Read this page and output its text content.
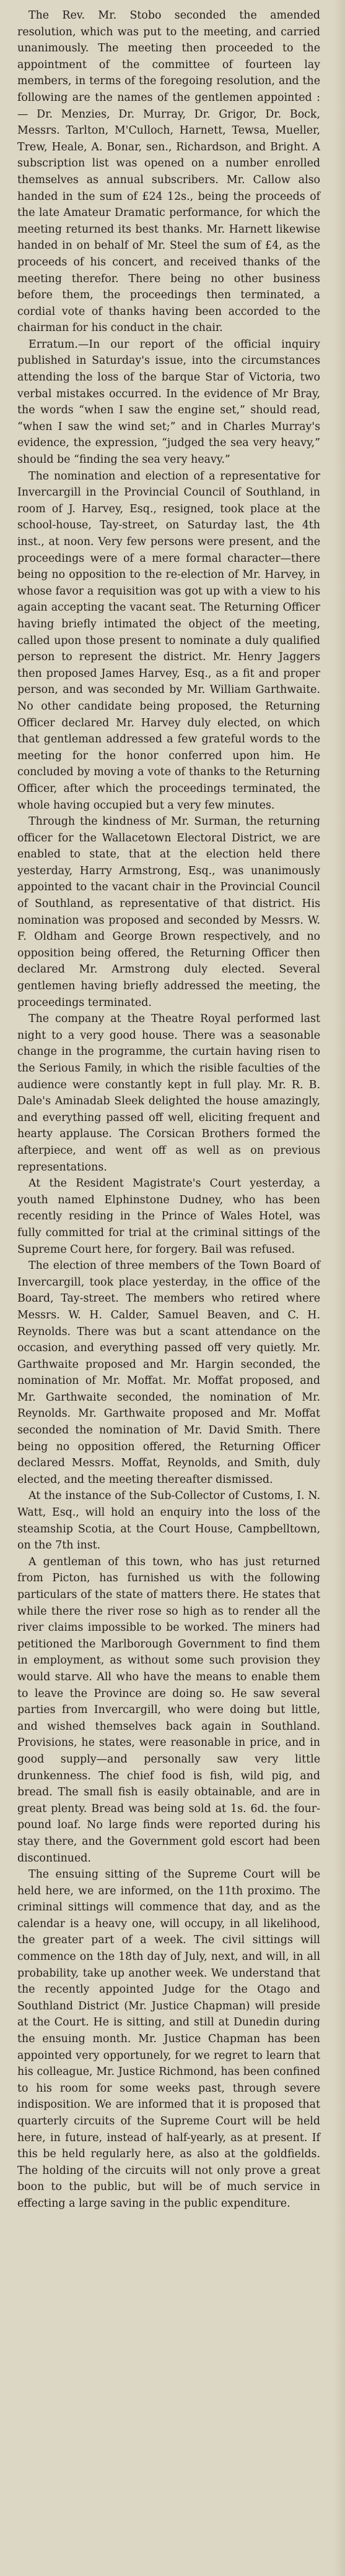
The Rev. Mr. Stobo seconded the amended resolution, which was put to the meeting, and carried unanimously. The meeting then proceeded to the appointment of the committee of fourteen lay members, in terms of the foregoing resolution, and the following are the names of the gentlemen appointed :— Dr. Menzies, Dr. Murray, Dr. Grigor, Dr. Bock, Messrs. Tarlton, M'Culloch, Harnett, Tewsa, Mueller, Trew, Heale, A. Bonar, sen., Richardson, and Bright. A subscription list was opened on a number enrolled themselves as annual subscribers. Mr. Callow also handed in the sum of £24 12s., being the proceeds of the late Amateur Dramatic performance, for which the meeting returned its best thanks. Mr. Harnett likewise handed in on behalf of Mr. Steel the sum of £4, as the proceeds of his concert, and received thanks of the meeting therefor. There being no other business before them, the proceedings then terminated, a cordial vote of thanks having been accorded to the chairman for his conduct in the chair.

Erratum.—In our report of the official inquiry published in Saturday's issue, into the circumstances attending the loss of the barque Star of Victoria, two verbal mistakes occurred. In the evidence of Mr Bray, the words “when I saw the engine set,” should read, “when I saw the wind set;” and in Charles Murray's evidence, the expression, “judged the sea very heavy,” should be “finding the sea very heavy.”

The nomination and election of a representative for Invercargill in the Provincial Council of Southland, in room of J. Harvey, Esq., resigned, took place at the school-house, Tay-street, on Saturday last, the 4th inst., at noon. Very few persons were present, and the proceedings were of a mere formal character—there being no opposition to the re-election of Mr. Harvey, in whose favor a requisition was got up with a view to his again accepting the vacant seat. The Returning Officer having briefly intimated the object of the meeting, called upon those present to nominate a duly qualified person to represent the district. Mr. Henry Jaggers then proposed James Harvey, Esq., as a fit and proper person, and was seconded by Mr. William Garthwaite. No other candidate being proposed, the Returning Officer declared Mr. Harvey duly elected, on which that gentleman addressed a few grateful words to the meeting for the honor conferred upon him. He concluded by moving a vote of thanks to the Returning Officer, after which the proceedings terminated, the whole having occupied but a very few minutes.

Through the kindness of Mr. Surman, the returning officer for the Wallacetown Electoral District, we are enabled to state, that at the election held there yesterday, Harry Armstrong, Esq., was unanimously appointed to the vacant chair in the Provincial Council of Southland, as representative of that district. His nomination was proposed and seconded by Messrs. W. F. Oldham and George Brown respectively, and no opposition being offered, the Returning Officer then declared Mr. Armstrong duly elected. Several gentlemen having briefly addressed the meeting, the proceedings terminated.

The company at the Theatre Royal performed last night to a very good house. There was a seasonable change in the programme, the curtain having risen to the Serious Family, in which the risible faculties of the audience were constantly kept in full play. Mr. R. B. Dale's Aminadab Sleek delighted the house amazingly, and everything passed off well, eliciting frequent and hearty applause. The Corsican Brothers formed the afterpiece, and went off as well as on previous representations.

At the Resident Magistrate's Court yesterday, a youth named Elphinstone Dudney, who has been recently residing in the Prince of Wales Hotel, was fully committed for trial at the criminal sittings of the Supreme Court here, for forgery. Bail was refused.

The election of three members of the Town Board of Invercargill, took place yesterday, in the office of the Board, Tay-street. The members who retired where Messrs. W. H. Calder, Samuel Beaven, and C. H. Reynolds. There was but a scant attendance on the occasion, and everything passed off very quietly. Mr. Garthwaite proposed and Mr. Hargin seconded, the nomination of Mr. Moffat. Mr. Moffat proposed, and Mr. Garthwaite seconded, the nomination of Mr. Reynolds. Mr. Garthwaite proposed and Mr. Moffat seconded the nomination of Mr. David Smith. There being no opposition offered, the Returning Officer declared Messrs. Moffat, Reynolds, and Smith, duly elected, and the meeting thereafter dismissed.

At the instance of the Sub-Collector of Customs, I. N. Watt, Esq., will hold an enquiry into the loss of the steamship Scotia, at the Court House, Campbelltown, on the 7th inst.

A gentleman of this town, who has just returned from Picton, has furnished us with the following particulars of the state of matters there. He states that while there the river rose so high as to render all the river claims impossible to be worked. The miners had petitioned the Marlborough Government to find them in employment, as without some such provision they would starve. All who have the means to enable them to leave the Province are doing so. He saw several parties from Invercargill, who were doing but little, and wished themselves back again in Southland. Provisions, he states, were reasonable in price, and in good supply—and personally saw very little drunkenness. The chief food is fish, wild pig, and bread. The small fish is easily obtainable, and are in great plenty. Bread was being sold at 1s. 6d. the four-pound loaf. No large finds were reported during his stay there, and the Government gold escort had been discontinued.

The ensuing sitting of the Supreme Court will be held here, we are informed, on the 11th proximo. The criminal sittings will commence that day, and as the calendar is a heavy one, will occupy, in all likelihood, the greater part of a week. The civil sittings will commence on the 18th day of July, next, and will, in all probability, take up another week. We understand that the recently appointed Judge for the Otago and Southland District (Mr. Justice Chapman) will preside at the Court. He is sitting, and still at Dunedin during the ensuing month. Mr. Justice Chapman has been appointed very opportunely, for we regret to learn that his colleague, Mr. Justice Richmond, has been confined to his room for some weeks past, through severe indisposition. We are informed that it is proposed that quarterly circuits of the Supreme Court will be held here, in future, instead of half-yearly, as at present. If this be held regularly here, as also at the goldfields. The holding of the circuits will not only prove a great boon to the public, but will be of much service in effecting a large saving in the public expenditure.
